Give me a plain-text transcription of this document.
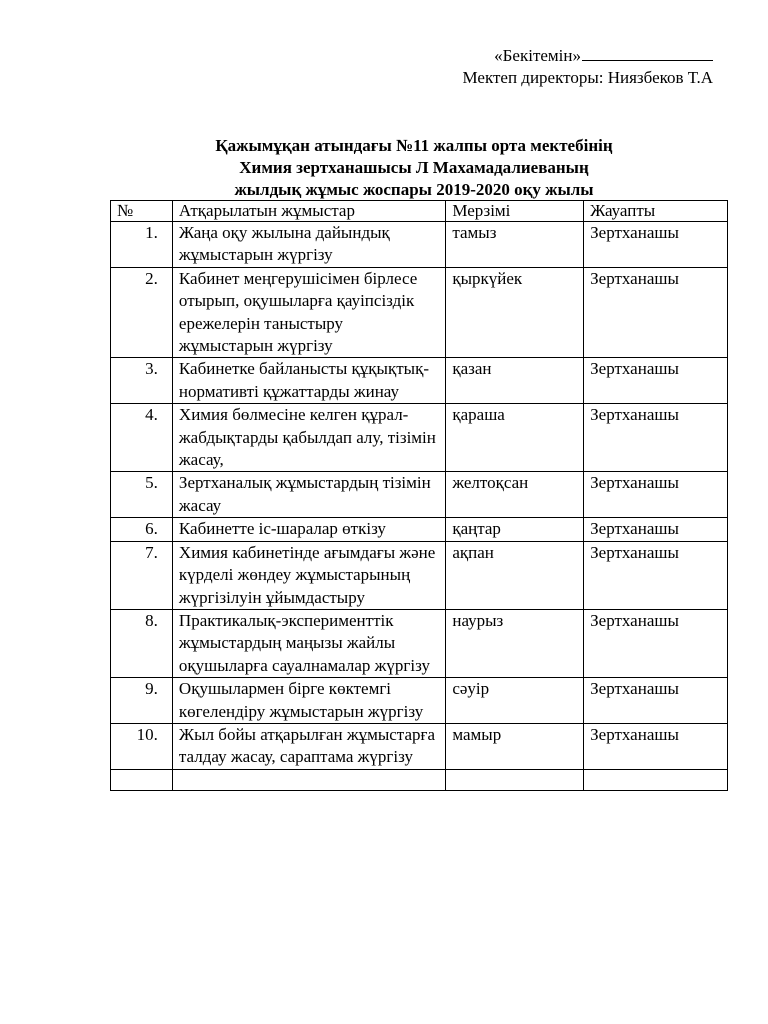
«Бекітемін»
Мектеп директоры: Ниязбеков Т.А
Қажымұқан атындағы №11 жалпы орта мектебінің
Химия зертханашысы Л Махамадалиеваның
жылдық жұмыс жоспары 2019-2020 оқу жылы
№	Атқарылатын жұмыстар	Мерзімі	Жауапты
1.	Жаңа оқу жылына дайындық жұмыстарын жүргізу	тамыз	Зертханашы
2.	Кабинет меңгерушісімен бірлесе отырып, оқушыларға қауіпсіздік ережелерін таныстыру жұмыстарын жүргізу	қыркүйек	Зертханашы
3.	Кабинетке байланысты құқықтық-нормативті құжаттарды жинау	қазан	Зертханашы
4.	Химия бөлмесіне келген құрал-жабдықтарды қабылдап алу, тізімін жасау,	қараша	Зертханашы
5.	Зертханалық жұмыстардың тізімін жасау	желтоқсан	Зертханашы
6.	Кабинетте іс-шаралар өткізу	қаңтар	Зертханашы
7.	Химия кабинетінде ағымдағы және күрделі жөндеу жұмыстарының жүргізілуін ұйымдастыру	ақпан	Зертханашы
8.	Практикалық-эксперименттік жұмыстардың маңызы жайлы оқушыларға сауалнамалар жүргізу	наурыз	Зертханашы
9.	Оқушылармен бірге көктемгі көгелендіру жұмыстарын жүргізу	сәуір	Зертханашы
10.	Жыл бойы атқарылған жұмыстарға талдау жасау, сараптама жүргізу	мамыр	Зертханашы
